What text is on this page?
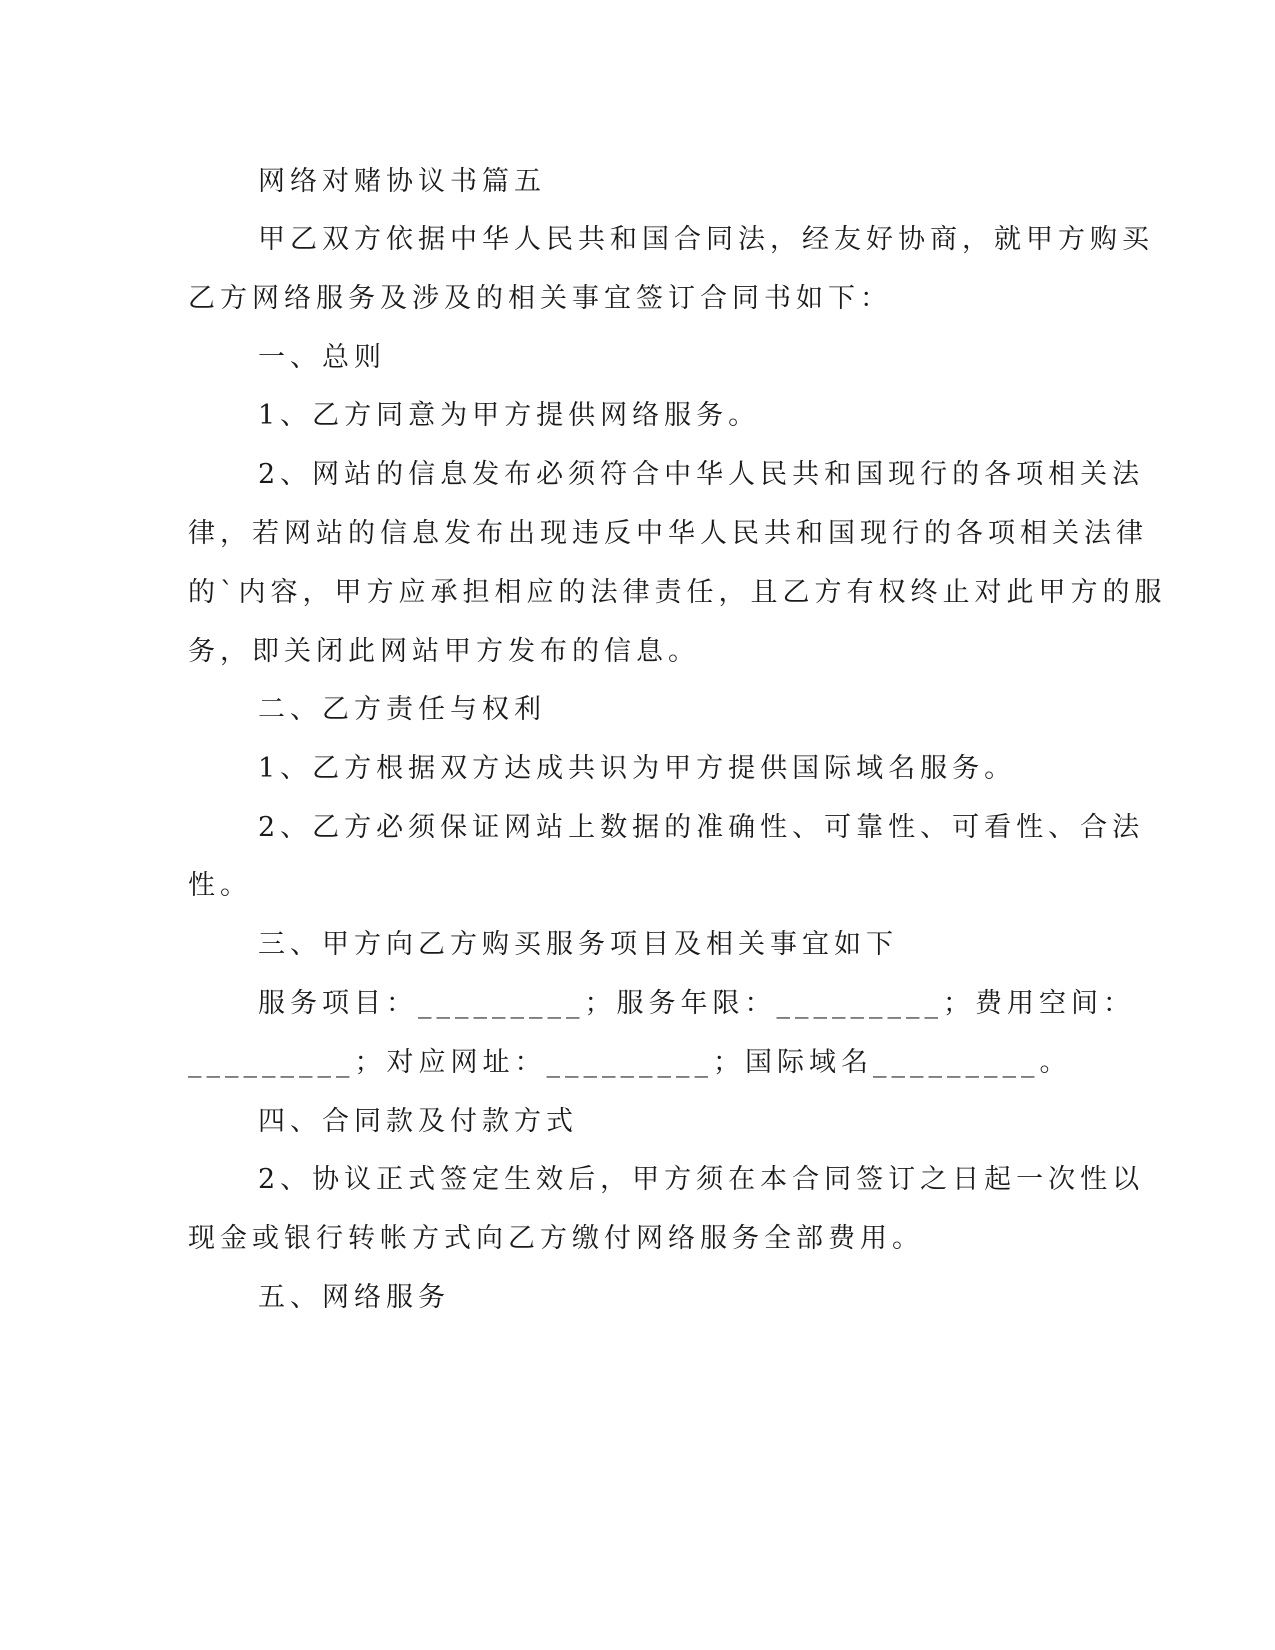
网络对赌协议书篇五
甲乙双方依据中华人民共和国合同法，经友好协商，就甲方购买
乙方网络服务及涉及的相关事宜签订合同书如下：
一、总则
1、乙方同意为甲方提供网络服务。
2、网站的信息发布必须符合中华人民共和国现行的各项相关法
律，若网站的信息发布出现违反中华人民共和国现行的各项相关法律
的`内容，甲方应承担相应的法律责任，且乙方有权终止对此甲方的服
务，即关闭此网站甲方发布的信息。
二、乙方责任与权利
1、乙方根据双方达成共识为甲方提供国际域名服务。
2、乙方必须保证网站上数据的准确性、可靠性、可看性、合法
性。
三、甲方向乙方购买服务项目及相关事宜如下
服务项目：_________；服务年限：_________；费用空间：
_________；对应网址：_________；国际域名_________。
四、合同款及付款方式
2、协议正式签定生效后，甲方须在本合同签订之日起一次性以
现金或银行转帐方式向乙方缴付网络服务全部费用。
五、网络服务
